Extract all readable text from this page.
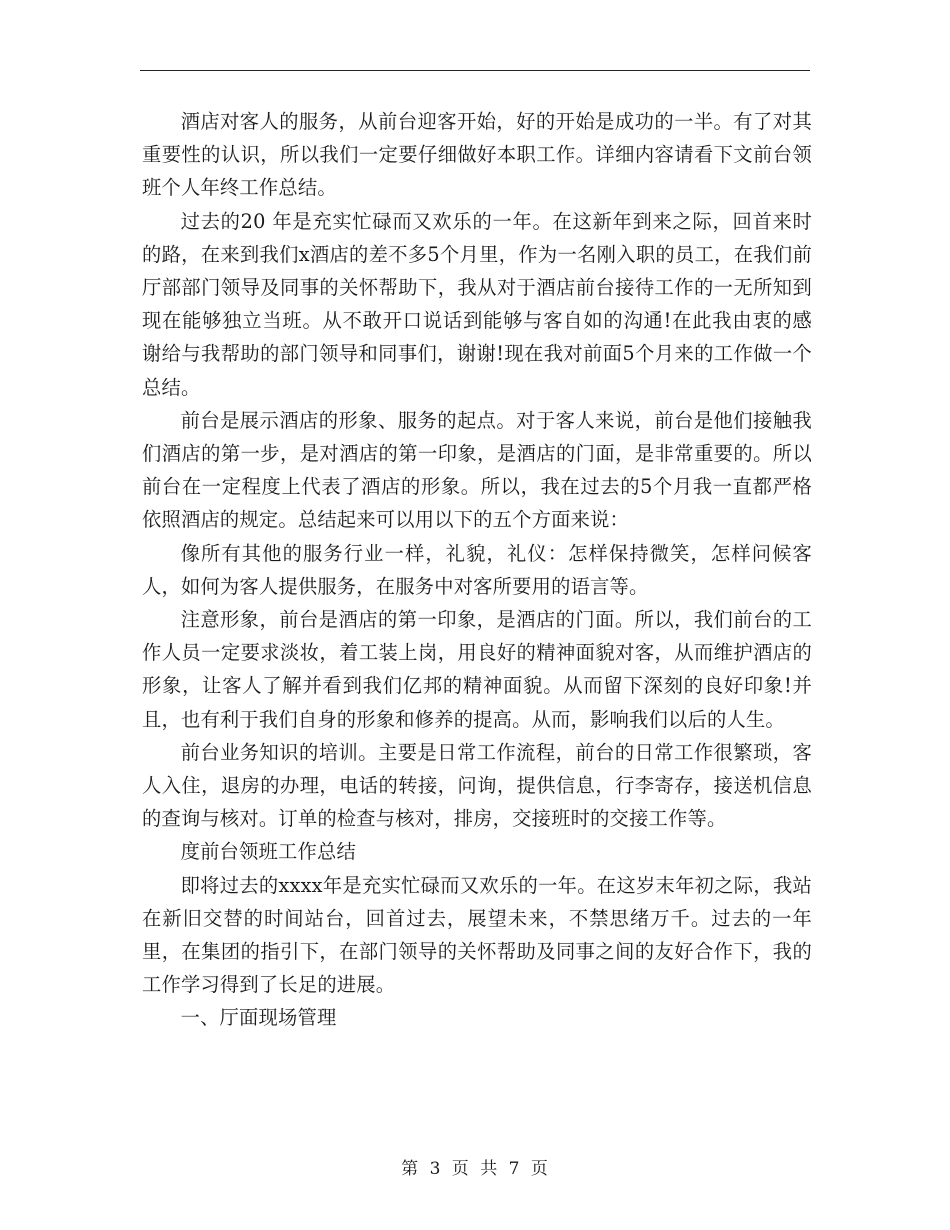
酒店对客人的服务，从前台迎客开始，好的开始是成功的一半。有了对其重要性的认识，所以我们一定要仔细做好本职工作。详细内容请看下文前台领班个人年终工作总结。

过去的20 年是充实忙碌而又欢乐的一年。在这新年到来之际，回首来时的路，在来到我们x酒店的差不多5个月里，作为一名刚入职的员工，在我们前厅部部门领导及同事的关怀帮助下，我从对于酒店前台接待工作的一无所知到现在能够独立当班。从不敢开口说话到能够与客自如的沟通!在此我由衷的感谢给与我帮助的部门领导和同事们，谢谢!现在我对前面5个月来的工作做一个总结。

前台是展示酒店的形象、服务的起点。对于客人来说，前台是他们接触我们酒店的第一步，是对酒店的第一印象，是酒店的门面，是非常重要的。所以前台在一定程度上代表了酒店的形象。所以，我在过去的5个月我一直都严格依照酒店的规定。总结起来可以用以下的五个方面来说：

像所有其他的服务行业一样，礼貌，礼仪：怎样保持微笑，怎样问候客人，如何为客人提供服务，在服务中对客所要用的语言等。

注意形象，前台是酒店的第一印象，是酒店的门面。所以，我们前台的工作人员一定要求淡妆，着工装上岗，用良好的精神面貌对客，从而维护酒店的形象，让客人了解并看到我们亿邦的精神面貌。从而留下深刻的良好印象!并且，也有利于我们自身的形象和修养的提高。从而，影响我们以后的人生。

前台业务知识的培训。主要是日常工作流程，前台的日常工作很繁琐，客人入住，退房的办理，电话的转接，问询，提供信息，行李寄存，接送机信息的查询与核对。订单的检查与核对，排房，交接班时的交接工作等。

度前台领班工作总结

即将过去的xxxx年是充实忙碌而又欢乐的一年。在这岁末年初之际，我站在新旧交替的时间站台，回首过去，展望未来，不禁思绪万千。过去的一年里，在集团的指引下，在部门领导的关怀帮助及同事之间的友好合作下，我的工作学习得到了长足的进展。

一、厅面现场管理

第 3 页 共 7 页
